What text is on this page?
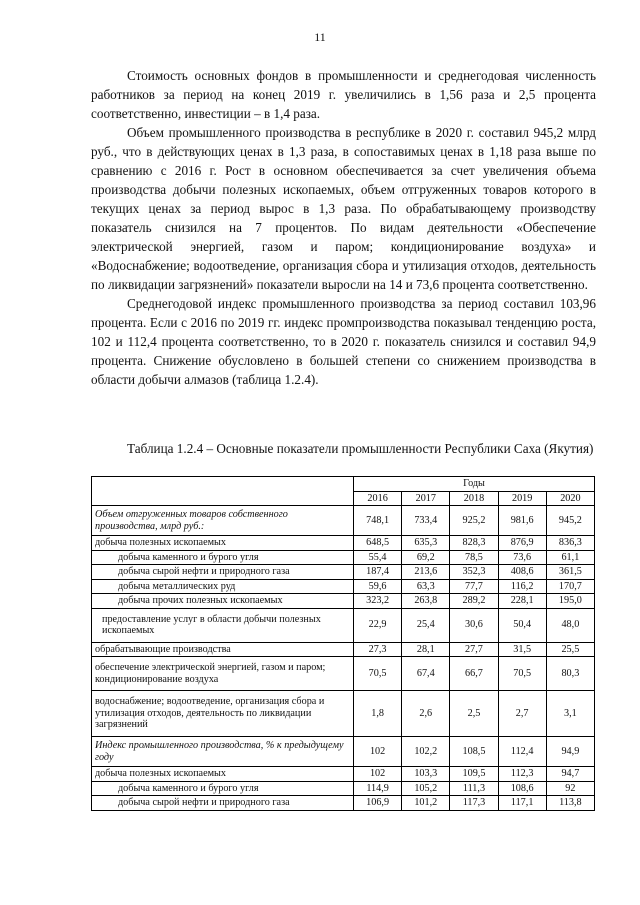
11

Стоимость основных фондов в промышленности и среднегодовая численность работников за период на конец 2019 г. увеличились в 1,56 раза и 2,5 процента соответственно, инвестиции – в 1,4 раза.

Объем промышленного производства в республике в 2020 г. составил 945,2 млрд руб., что в действующих ценах в 1,3 раза, в сопоставимых ценах в 1,18 раза выше по сравнению с 2016 г. Рост в основном обеспечивается за счет увеличения объема производства добычи полезных ископаемых, объем отгруженных товаров которого в текущих ценах за период вырос в 1,3 раза. По обрабатывающему производству показатель снизился на 7 процентов. По видам деятельности «Обеспечение электрической энергией, газом и паром; кондиционирование воздуха» и «Водоснабжение; водоотведение, организация сбора и утилизация отходов, деятельность по ликвидации загрязнений» показатели выросли на 14 и 73,6 процента соответственно.

Среднегодовой индекс промышленного производства за период составил 103,96 процента. Если с 2016 по 2019 гг. индекс промпроизводства показывал тенденцию роста, 102 и 112,4 процента соответственно, то в 2020 г. показатель снизился и составил 94,9 процента. Снижение обусловлено в большей степени со снижением производства в области добычи алмазов (таблица 1.2.4).

Таблица 1.2.4 – Основные показатели промышленности Республики Саха (Якутия)
	Годы				
	2016	2017	2018	2019	2020
Объем отгруженных товаров собственного производства, млрд руб.:	748,1	733,4	925,2	981,6	945,2
добыча полезных ископаемых	648,5	635,3	828,3	876,9	836,3
добыча каменного и бурого угля	55,4	69,2	78,5	73,6	61,1
добыча сырой нефти и природного газа	187,4	213,6	352,3	408,6	361,5
добыча металлических руд	59,6	63,3	77,7	116,2	170,7
добыча прочих полезных ископаемых	323,2	263,8	289,2	228,1	195,0
предоставление услуг в области добычи полезных ископаемых	22,9	25,4	30,6	50,4	48,0
обрабатывающие производства	27,3	28,1	27,7	31,5	25,5
обеспечение электрической энергией, газом и паром; кондиционирование воздуха	70,5	67,4	66,7	70,5	80,3
водоснабжение; водоотведение, организация сбора и утилизация отходов, деятельность по ликвидации загрязнений	1,8	2,6	2,5	2,7	3,1
Индекс промышленного производства, % к предыдущему году	102	102,2	108,5	112,4	94,9
добыча полезных ископаемых	102	103,3	109,5	112,3	94,7
добыча каменного и бурого угля	114,9	105,2	111,3	108,6	92
добыча сырой нефти и природного газа	106,9	101,2	117,3	117,1	113,8
